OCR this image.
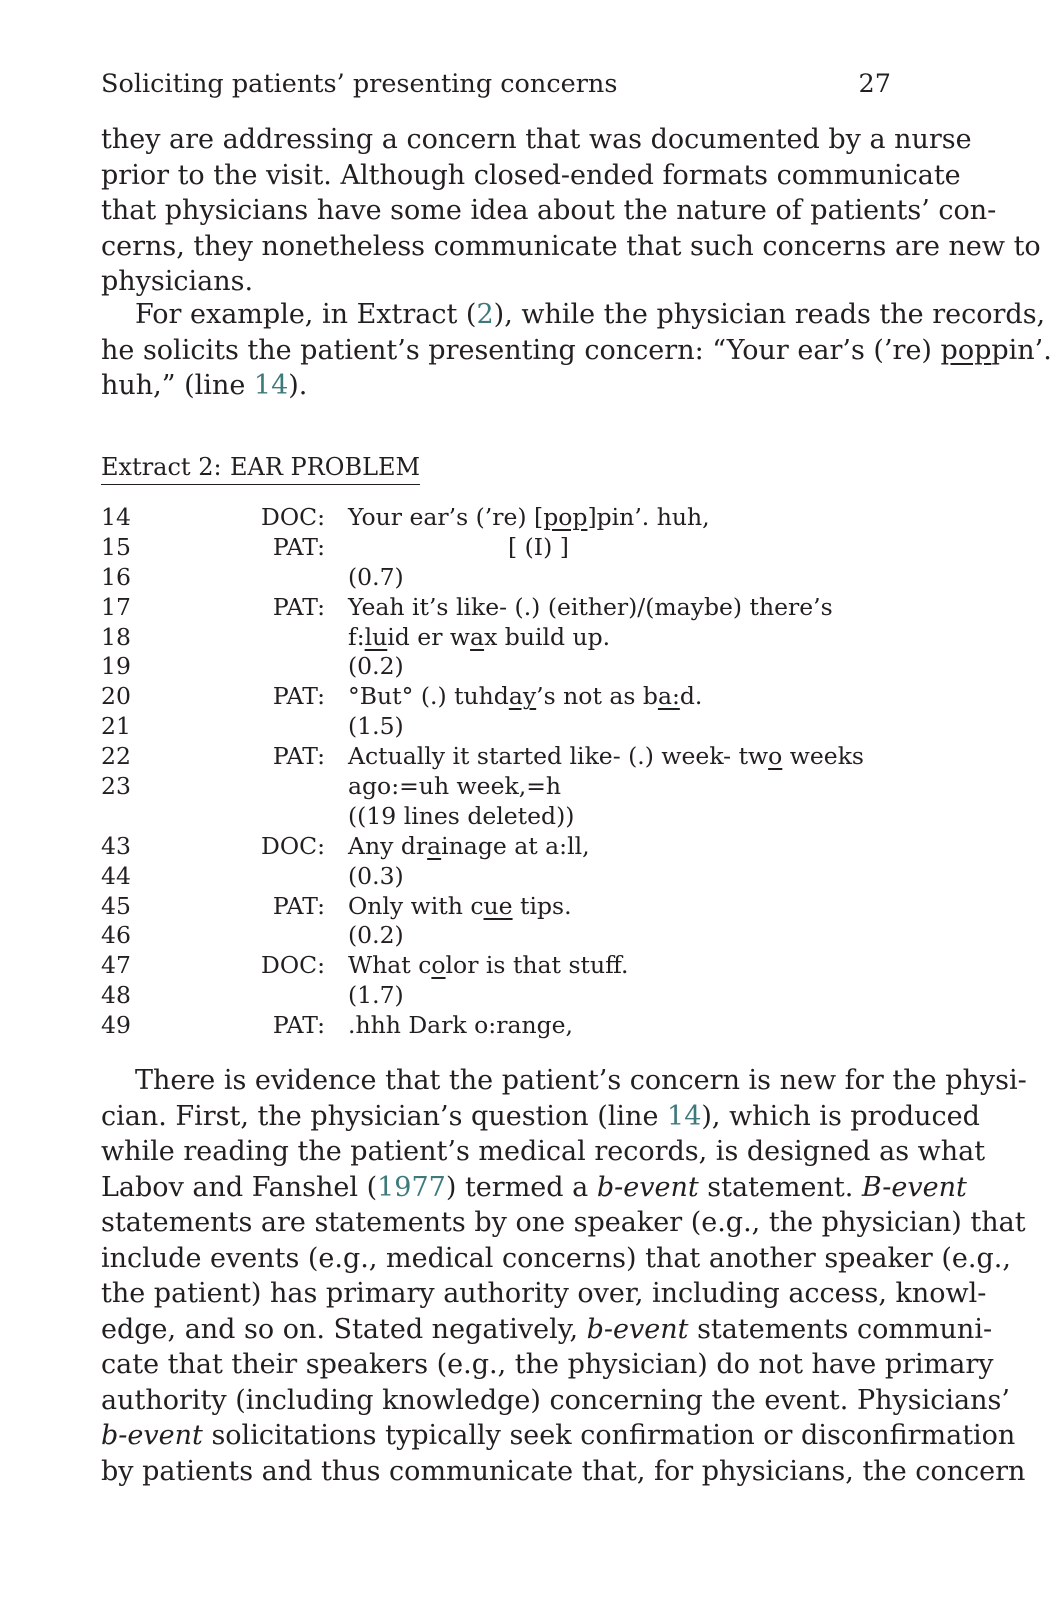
Soliciting patients’ presenting concerns	27
they are addressing a concern that was documented by a nurse
prior to the visit. Although closed-ended formats communicate
that physicians have some idea about the nature of patients’ con-
cerns, they nonetheless communicate that such concerns are new to
physicians.
For example, in Extract (2), while the physician reads the records,
he solicits the patient’s presenting concern: “Your ear’s (’re) poppin’.
huh,” (line 14).
Extract 2: EAR PROBLEM
14	DOC: Your ear’s (’re) [pop]pin’. huh,
15	PAT:	[ (I) ]
16	(0.7)
17	PAT: Yeah it’s like- (.) (either)/(maybe) there’s
18	f:luid er wax build up.
19	(0.2)
20	PAT: °But° (.) tuhday’s not as ba:d.
21	(1.5)
22	PAT: Actually it started like- (.) week- two weeks
23	ago:=uh week,=h
((19 lines deleted))
43	DOC: Any drainage at a:ll,
44	(0.3)
45	PAT: Only with cue tips.
46	(0.2)
47	DOC: What color is that stuff.
48	(1.7)
49	PAT: .hhh Dark o:range,
There is evidence that the patient’s concern is new for the physi-
cian. First, the physician’s question (line 14), which is produced
while reading the patient’s medical records, is designed as what
Labov and Fanshel (1977) termed a b-event statement. B-event
statements are statements by one speaker (e.g., the physician) that
include events (e.g., medical concerns) that another speaker (e.g.,
the patient) has primary authority over, including access, knowl-
edge, and so on. Stated negatively, b-event statements communi-
cate that their speakers (e.g., the physician) do not have primary
authority (including knowledge) concerning the event. Physicians’
b-event solicitations typically seek confirmation or disconfirmation
by patients and thus communicate that, for physicians, the concern
